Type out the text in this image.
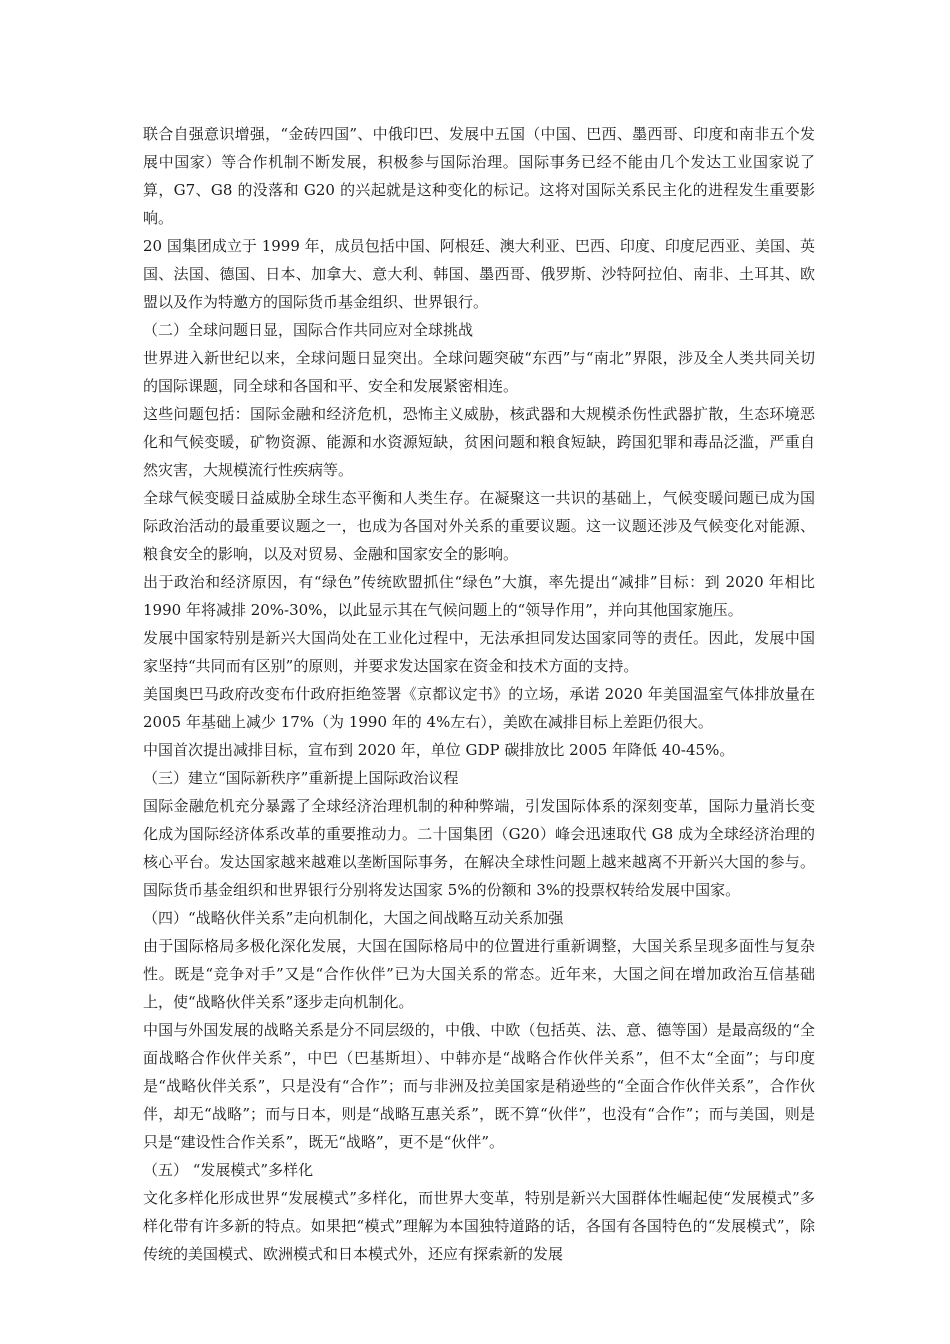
联合自强意识增强，“金砖四国”、中俄印巴、发展中五国（中国、巴西、墨西哥、印度和南非五个发展中国家）等合作机制不断发展，积极参与国际治理。国际事务已经不能由几个发达工业国家说了算，G7、G8 的没落和 G20 的兴起就是这种变化的标记。这将对国际关系民主化的进程发生重要影响。

20 国集团成立于 1999 年，成员包括中国、阿根廷、澳大利亚、巴西、印度、印度尼西亚、美国、英国、法国、德国、日本、加拿大、意大利、韩国、墨西哥、俄罗斯、沙特阿拉伯、南非、土耳其、欧盟以及作为特邀方的国际货币基金组织、世界银行。

（二）全球问题日显，国际合作共同应对全球挑战

世界进入新世纪以来，全球问题日显突出。全球问题突破“东西”与“南北”界限，涉及全人类共同关切的国际课题，同全球和各国和平、安全和发展紧密相连。

这些问题包括：国际金融和经济危机，恐怖主义威胁，核武器和大规模杀伤性武器扩散，生态环境恶化和气候变暖，矿物资源、能源和水资源短缺，贫困问题和粮食短缺，跨国犯罪和毒品泛滥，严重自然灾害，大规模流行性疾病等。

全球气候变暖日益威胁全球生态平衡和人类生存。在凝聚这一共识的基础上，气候变暖问题已成为国际政治活动的最重要议题之一，也成为各国对外关系的重要议题。这一议题还涉及气候变化对能源、粮食安全的影响，以及对贸易、金融和国家安全的影响。

出于政治和经济原因，有“绿色”传统欧盟抓住“绿色”大旗，率先提出“减排”目标：到 2020 年相比 1990 年将减排 20%-30%，以此显示其在气候问题上的“领导作用”，并向其他国家施压。

发展中国家特别是新兴大国尚处在工业化过程中，无法承担同发达国家同等的责任。因此，发展中国家坚持“共同而有区别”的原则，并要求发达国家在资金和技术方面的支持。

美国奥巴马政府改变布什政府拒绝签署《京都议定书》的立场，承诺 2020 年美国温室气体排放量在 2005 年基础上减少 17%（为 1990 年的 4%左右），美欧在减排目标上差距仍很大。

中国首次提出减排目标，宣布到 2020 年，单位 GDP 碳排放比 2005 年降低 40-45%。

（三）建立“国际新秩序”重新提上国际政治议程

国际金融危机充分暴露了全球经济治理机制的种种弊端，引发国际体系的深刻变革，国际力量消长变化成为国际经济体系改革的重要推动力。二十国集团（G20）峰会迅速取代 G8 成为全球经济治理的核心平台。发达国家越来越难以垄断国际事务，在解决全球性问题上越来越离不开新兴大国的参与。国际货币基金组织和世界银行分别将发达国家 5%的份额和 3%的投票权转给发展中国家。

（四）“战略伙伴关系”走向机制化，大国之间战略互动关系加强

由于国际格局多极化深化发展，大国在国际格局中的位置进行重新调整，大国关系呈现多面性与复杂性。既是“竞争对手”又是“合作伙伴”已为大国关系的常态。近年来，大国之间在增加政治互信基础上，使“战略伙伴关系”逐步走向机制化。

中国与外国发展的战略关系是分不同层级的，中俄、中欧（包括英、法、意、德等国）是最高级的“全面战略合作伙伴关系”，中巴（巴基斯坦）、中韩亦是“战略合作伙伴关系”，但不太“全面”；与印度是“战略伙伴关系”，只是没有“合作”；而与非洲及拉美国家是稍逊些的“全面合作伙伴关系”，合作伙伴，却无“战略”；而与日本，则是“战略互惠关系”，既不算“伙伴”，也没有“合作”；而与美国，则是只是“建设性合作关系”，既无“战略”，更不是“伙伴”。

（五） “发展模式”多样化

文化多样化形成世界“发展模式”多样化，而世界大变革，特别是新兴大国群体性崛起使“发展模式”多样化带有许多新的特点。如果把“模式”理解为本国独特道路的话，各国有各国特色的“发展模式”，除传统的美国模式、欧洲模式和日本模式外，还应有探索新的发展
